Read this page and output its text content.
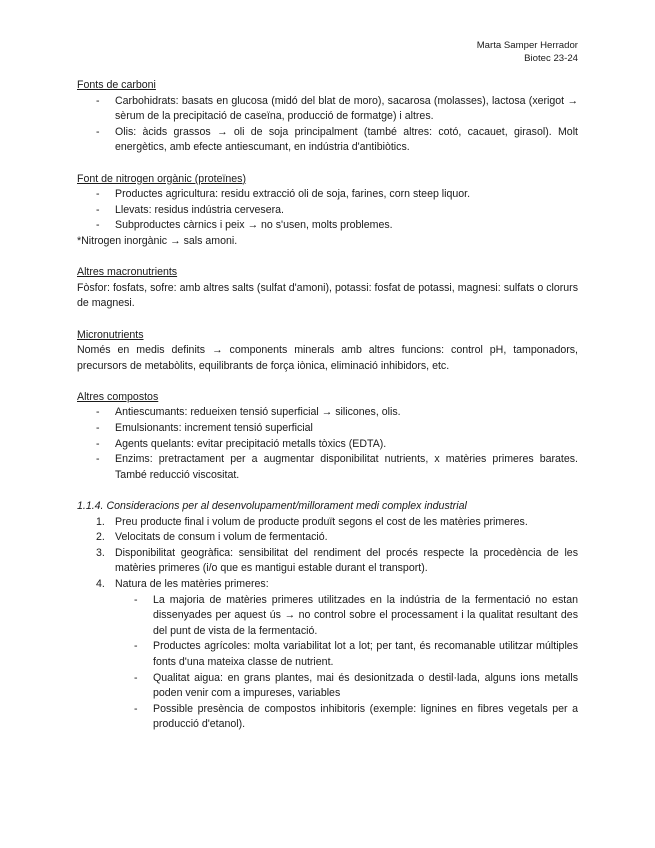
Marta Samper Herrador
Biotec 23-24
Fonts de carboni
- Carbohidrats: basats en glucosa (midó del blat de moro), sacarosa (molasses), lactosa (xerigot → sèrum de la precipitació de caseïna, producció de formatge) i altres.
- Olis: àcids grassos → oli de soja principalment (també altres: cotó, cacauet, girasol). Molt energètics, amb efecte antiescumant, en indústria d'antibiòtics.
Font de nitrogen orgànic (proteïnes)
- Productes agricultura: residu extracció oli de soja, farines, corn steep liquor.
- Llevats: residus indústria cervesera.
- Subproductes càrnics i peix → no s'usen, molts problemes.

*Nitrogen inorgànic → sals amoni.

Altres macronutrients

Fòsfor: fosfats, sofre: amb altres salts (sulfat d'amoni), potassi: fosfat de potassi, magnesi: sulfats o clorurs de magnesi.

Micronutrients

Només en medis definits → components minerals amb altres funcions: control pH, tamponadors, precursors de metabòlits, equilibrants de força iònica, eliminació inhibidors, etc.

Altres compostos
- Antiescumants: redueixen tensió superficial → silicones, olis.
- Emulsionants: increment tensió superficial
- Agents quelants: evitar precipitació metalls tòxics (EDTA).
- Enzims: pretractament per a augmentar disponibilitat nutrients, x matèries primeres barates. També reducció viscositat.
1.1.4. Consideracions per al desenvolupament/millorament medi complex industrial
1. Preu producte final i volum de producte produït segons el cost de les matèries primeres.
2. Velocitats de consum i volum de fermentació.
3. Disponibilitat geogràfica: sensibilitat del rendiment del procés respecte la procedència de les matèries primeres (i/o que es mantigui estable durant el transport).
4. Natura de les matèries primeres:
- La majoria de matèries primeres utilitzades en la indústria de la fermentació no estan dissenyades per aquest ús → no control sobre el processament i la qualitat resultant des del punt de vista de la fermentació.
- Productes agrícoles: molta variabilitat lot a lot; per tant, és recomanable utilitzar múltiples fonts d'una mateixa classe de nutrient.
- Qualitat aigua: en grans plantes, mai és desionitzada o destil·lada, alguns ions metalls poden venir com a impureses, variables
- Possible presència de compostos inhibitoris (exemple: lignines en fibres vegetals per a producció d'etanol).
